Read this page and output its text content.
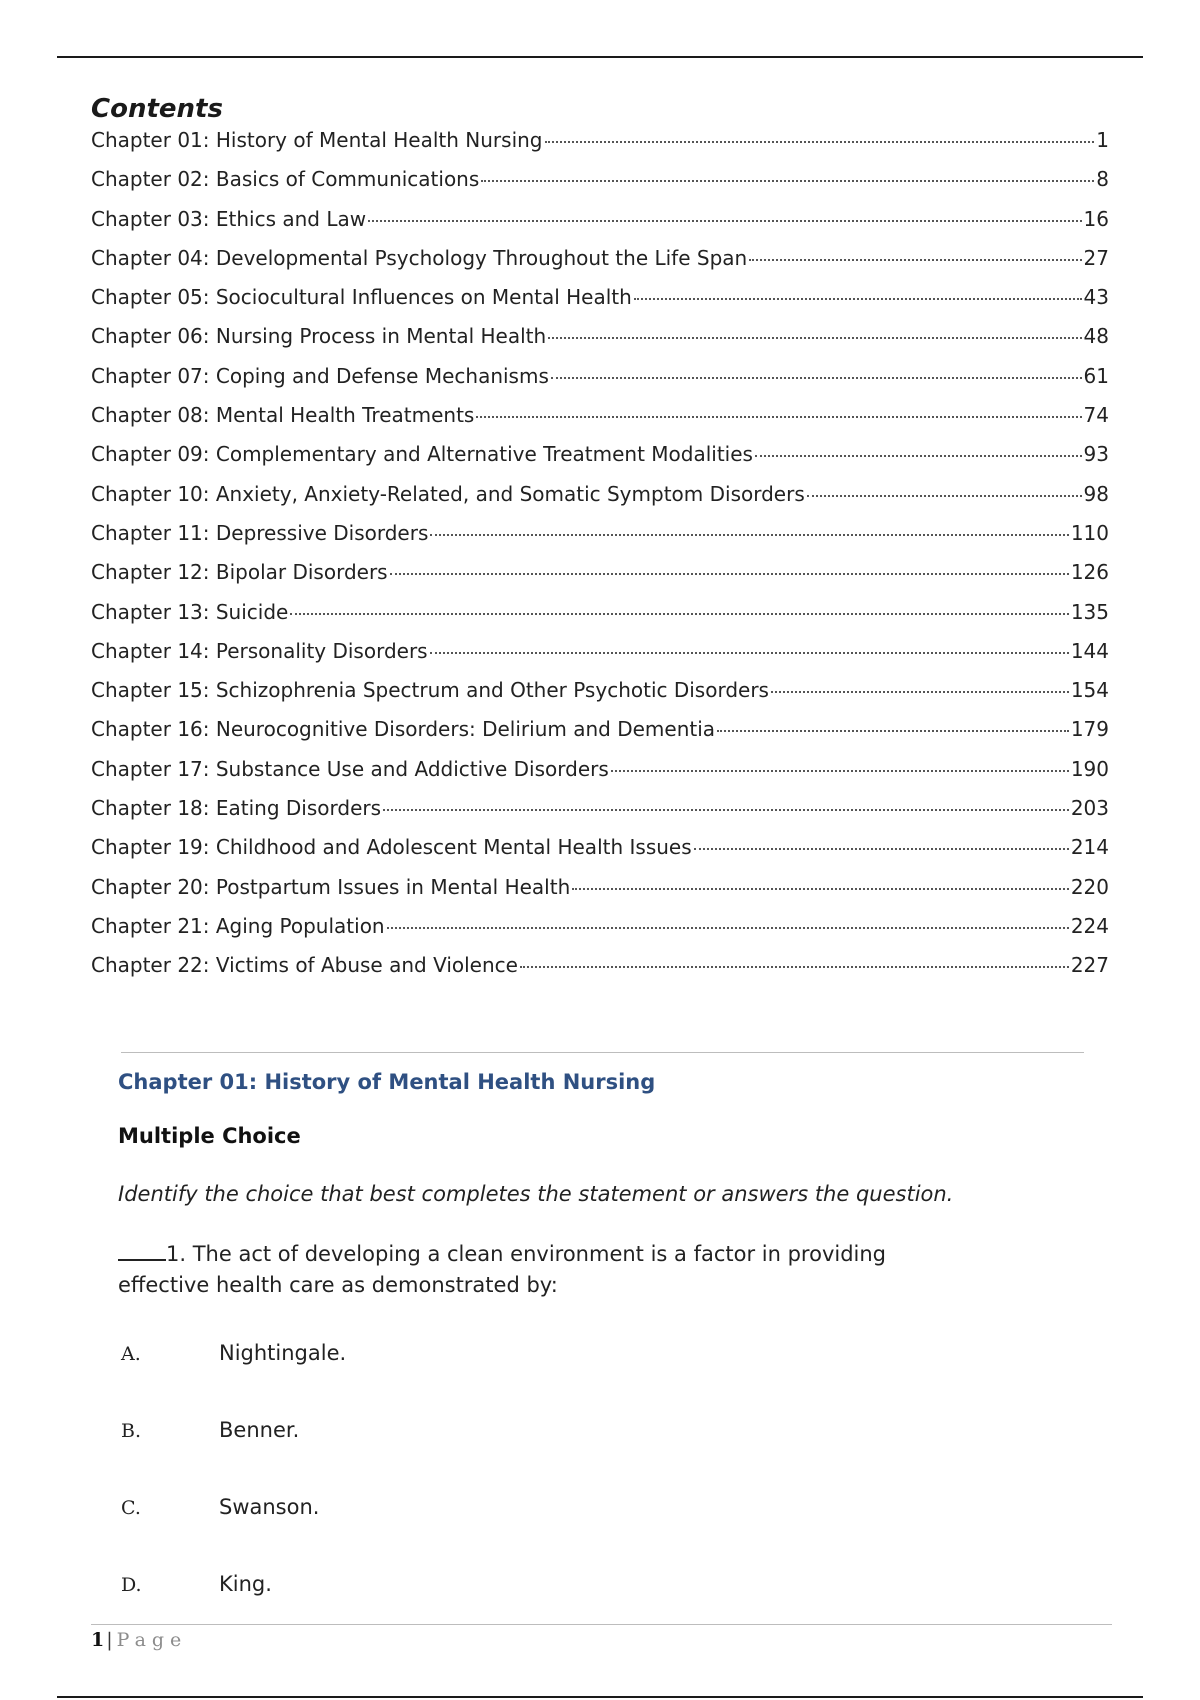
Contents
Chapter 01: History of Mental Health Nursing	1
Chapter 02: Basics of Communications	8
Chapter 03: Ethics and Law	16
Chapter 04: Developmental Psychology Throughout the Life Span	27
Chapter 05: Sociocultural Influences on Mental Health	43
Chapter 06: Nursing Process in Mental Health	48
Chapter 07: Coping and Defense Mechanisms	61
Chapter 08: Mental Health Treatments	74
Chapter 09: Complementary and Alternative Treatment Modalities	93
Chapter 10: Anxiety, Anxiety-Related, and Somatic Symptom Disorders	98
Chapter 11: Depressive Disorders	110
Chapter 12: Bipolar Disorders	126
Chapter 13: Suicide	135
Chapter 14: Personality Disorders	144
Chapter 15: Schizophrenia Spectrum and Other Psychotic Disorders	154
Chapter 16: Neurocognitive Disorders: Delirium and Dementia	179
Chapter 17: Substance Use and Addictive Disorders	190
Chapter 18: Eating Disorders	203
Chapter 19: Childhood and Adolescent Mental Health Issues	214
Chapter 20: Postpartum Issues in Mental Health	220
Chapter 21: Aging Population	224
Chapter 22: Victims of Abuse and Violence	227
Chapter 01: History of Mental Health Nursing
Multiple Choice
Identify the choice that best completes the statement or answers the question.
1. The act of developing a clean environment is a factor in providing effective health care as demonstrated by:
A.	Nightingale.
B.	Benner.
C.	Swanson.
D.	King.
1 | Page
